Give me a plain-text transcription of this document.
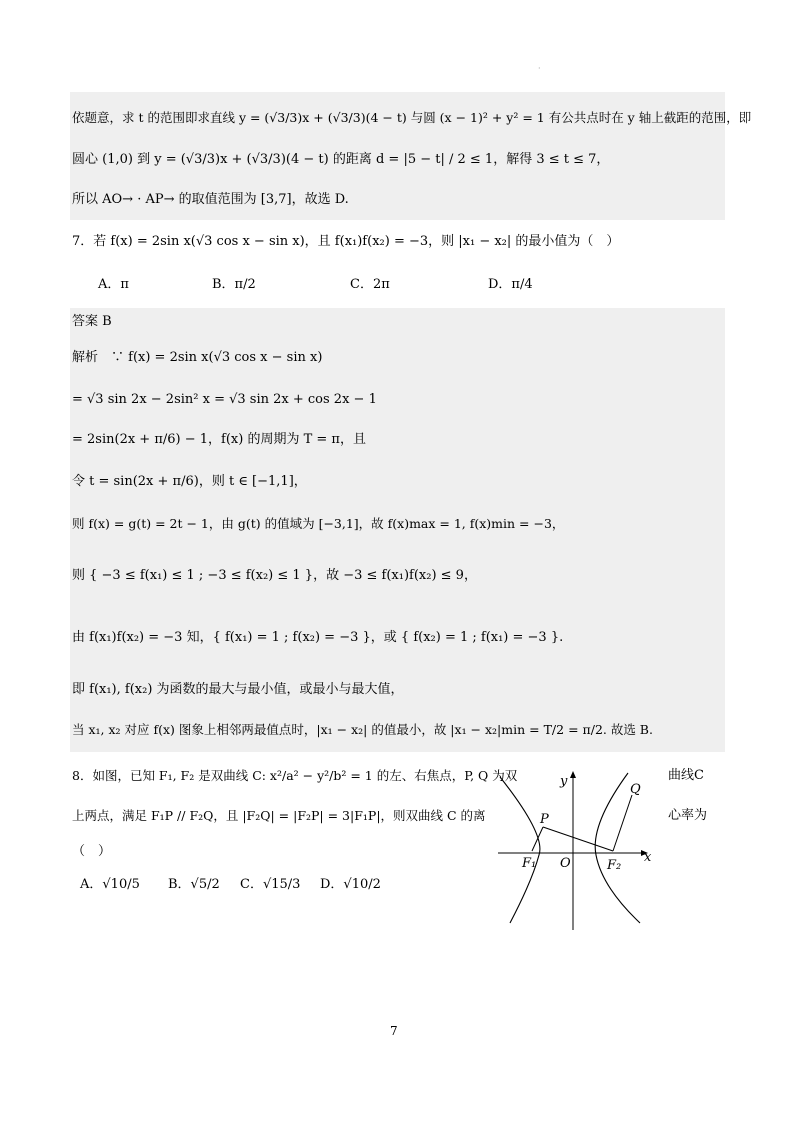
·
依题意，求 t 的范围即求直线 y = (√3/3)x + (√3/3)(4 − t) 与圆 (x − 1)² + y² = 1 有公共点时在 y 轴上截距的范围，即
圆心 (1,0) 到 y = (√3/3)x + (√3/3)(4 − t) 的距离 d = |5 − t| / 2 ≤ 1，解得 3 ≤ t ≤ 7，
所以 AO→ · AP→ 的取值范围为 [3,7]，故选 D.
7．若 f(x) = 2sin x(√3 cos x − sin x)，且 f(x₁)f(x₂) = −3，则 |x₁ − x₂| 的最小值为（　）
A．π	B．π/2	C．2π	D．π/4
答案 B
解析　∵ f(x) = 2sin x(√3 cos x − sin x)
= √3 sin 2x − 2sin² x = √3 sin 2x + cos 2x − 1
= 2sin(2x + π/6) − 1，f(x) 的周期为 T = π，且
令 t = sin(2x + π/6)，则 t ∈ [−1,1]，
则 f(x) = g(t) = 2t − 1，由 g(t) 的值域为 [−3,1]，故 f(x)max = 1, f(x)min = −3，
则 { −3 ≤ f(x₁) ≤ 1 ; −3 ≤ f(x₂) ≤ 1 }，故 −3 ≤ f(x₁)f(x₂) ≤ 9，
由 f(x₁)f(x₂) = −3 知，{ f(x₁) = 1 ; f(x₂) = −3 }，或 { f(x₂) = 1 ; f(x₁) = −3 }.
即 f(x₁), f(x₂) 为函数的最大与最小值，或最小与最大值，
当 x₁, x₂ 对应 f(x) 图象上相邻两最值点时，|x₁ − x₂| 的值最小，故 |x₁ − x₂|min = T/2 = π/2. 故选 B.
8．如图，已知 F₁, F₂ 是双曲线 C: x²/a² − y²/b² = 1 的左、右焦点，P, Q 为双	曲线C
上两点，满足 F₁P // F₂Q，且 |F₂Q| = |F₂P| = 3|F₁P|，则双曲线 C 的离	心率为
（　）
A．√10/5 B．√5/2 C．√15/3 D．√10/2
y
x
P
Q
F₁ O	F₂
7
